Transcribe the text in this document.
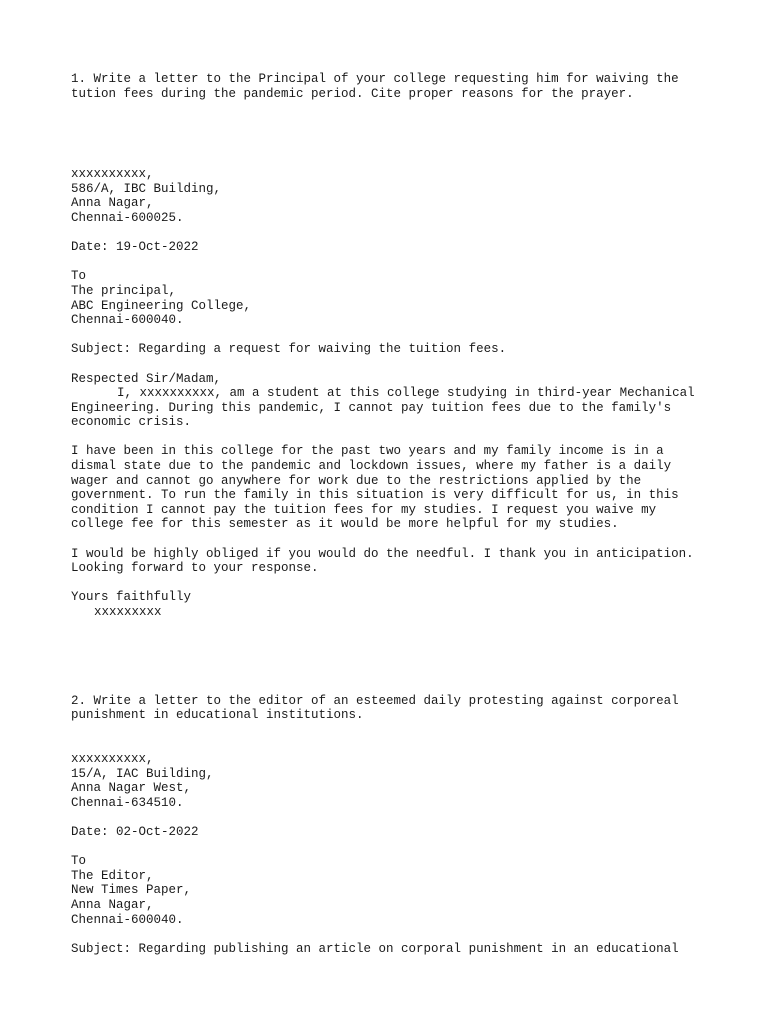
1. Write a letter to the Principal of your college requesting him for waiving the
tution fees during the pandemic period. Cite proper reasons for the prayer.
xxxxxxxxxx,
586/A, IBC Building,
Anna Nagar,
Chennai-600025.
Date: 19-Oct-2022
To
The principal,
ABC Engineering College,
Chennai-600040.
Subject: Regarding a request for waiving the tuition fees.
Respected Sir/Madam,
I, xxxxxxxxxx, am a student at this college studying in third-year Mechanical
Engineering. During this pandemic, I cannot pay tuition fees due to the family's
economic crisis.
I have been in this college for the past two years and my family income is in a
dismal state due to the pandemic and lockdown issues, where my father is a daily
wager and cannot go anywhere for work due to the restrictions applied by the
government. To run the family in this situation is very difficult for us, in this
condition I cannot pay the tuition fees for my studies. I request you waive my
college fee for this semester as it would be more helpful for my studies.
I would be highly obliged if you would do the needful. I thank you in anticipation.
Looking forward to your response.
Yours faithfully
xxxxxxxxx
2. Write a letter to the editor of an esteemed daily protesting against corporeal
punishment in educational institutions.
xxxxxxxxxx,
15/A, IAC Building,
Anna Nagar West,
Chennai-634510.
Date: 02-Oct-2022
To
The Editor,
New Times Paper,
Anna Nagar,
Chennai-600040.
Subject: Regarding publishing an article on corporal punishment in an educational
